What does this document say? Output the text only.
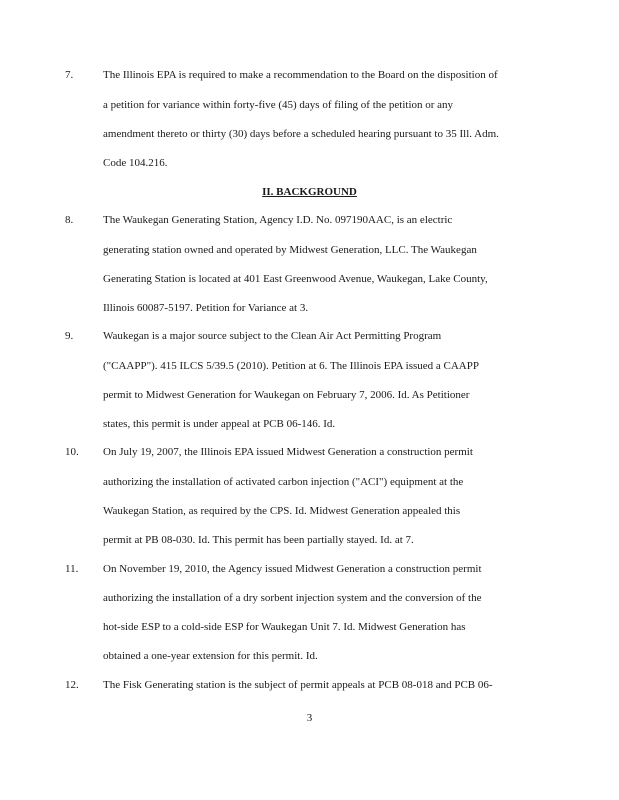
7.	The Illinois EPA is required to make a recommendation to the Board on the disposition of
a petition for variance within forty-five (45) days of filing of the petition or any
amendment thereto or thirty (30) days before a scheduled hearing pursuant to 35 Ill. Adm.
Code 104.216.
II. BACKGROUND
8.	The Waukegan Generating Station, Agency I.D. No. 097190AAC, is an electric
generating station owned and operated by Midwest Generation, LLC. The Waukegan
Generating Station is located at 401 East Greenwood Avenue, Waukegan, Lake County,
Illinois 60087-5197. Petition for Variance at 3.
9.	Waukegan is a major source subject to the Clean Air Act Permitting Program
("CAAPP"). 415 ILCS 5/39.5 (2010). Petition at 6. The Illinois EPA issued a CAAPP
permit to Midwest Generation for Waukegan on February 7, 2006. Id. As Petitioner
states, this permit is under appeal at PCB 06-146. Id.
10. On July 19, 2007, the Illinois EPA issued Midwest Generation a construction permit
authorizing the installation of activated carbon injection ("ACI") equipment at the
Waukegan Station, as required by the CPS. Id. Midwest Generation appealed this
permit at PB 08-030. Id. This permit has been partially stayed. Id. at 7.
11. On November 19, 2010, the Agency issued Midwest Generation a construction permit
authorizing the installation of a dry sorbent injection system and the conversion of the
hot-side ESP to a cold-side ESP for Waukegan Unit 7. Id. Midwest Generation has
obtained a one-year extension for this permit. Id.
12. The Fisk Generating station is the subject of permit appeals at PCB 08-018 and PCB 06-
3
